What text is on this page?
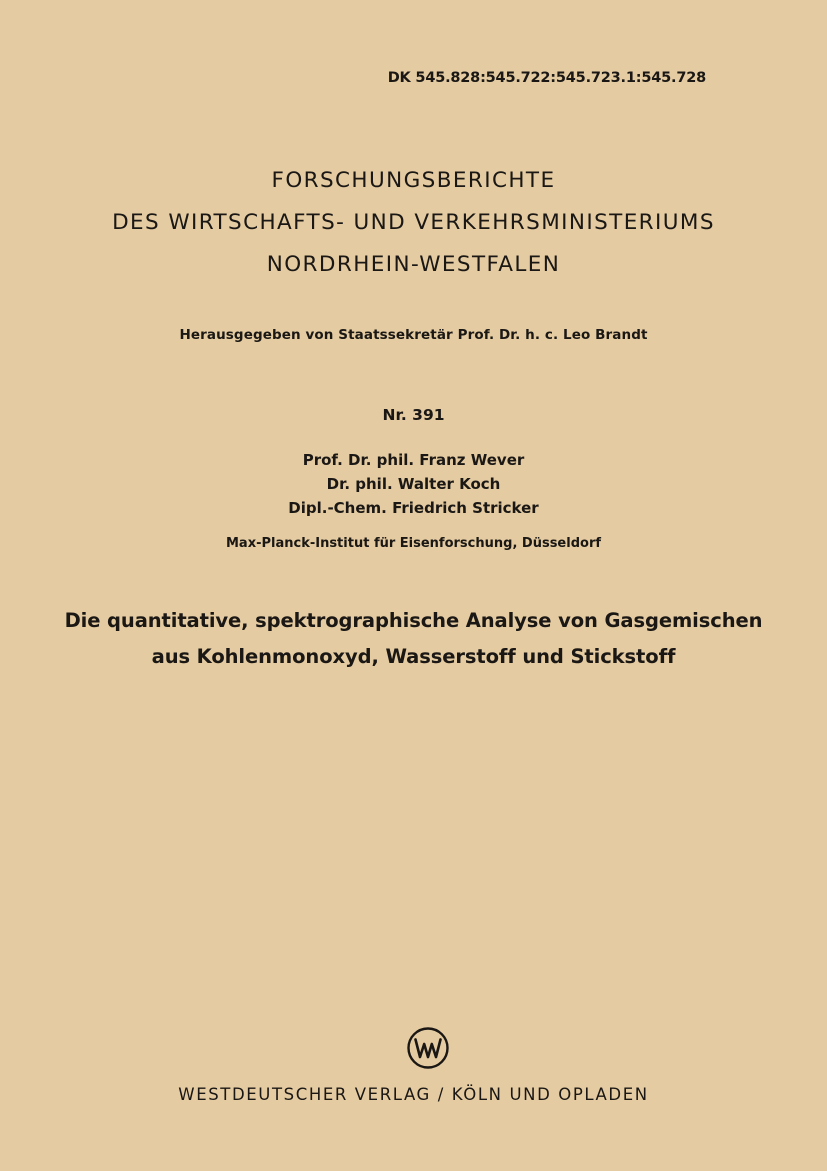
DK 545.828:545.722:545.723.1:545.728
FORSCHUNGSBERICHTE
DES WIRTSCHAFTS- UND VERKEHRSMINISTERIUMS
NORDRHEIN-WESTFALEN
Herausgegeben von Staatssekretär Prof. Dr. h. c. Leo Brandt
Nr. 391
Prof. Dr. phil. Franz Wever
Dr. phil. Walter Koch
Dipl.-Chem. Friedrich Stricker
Max-Planck-Institut für Eisenforschung, Düsseldorf
Die quantitative, spektrographische Analyse von Gasgemischen
aus Kohlenmonoxyd, Wasserstoff und Stickstoff
WESTDEUTSCHER VERLAG / KÖLN UND OPLADEN
